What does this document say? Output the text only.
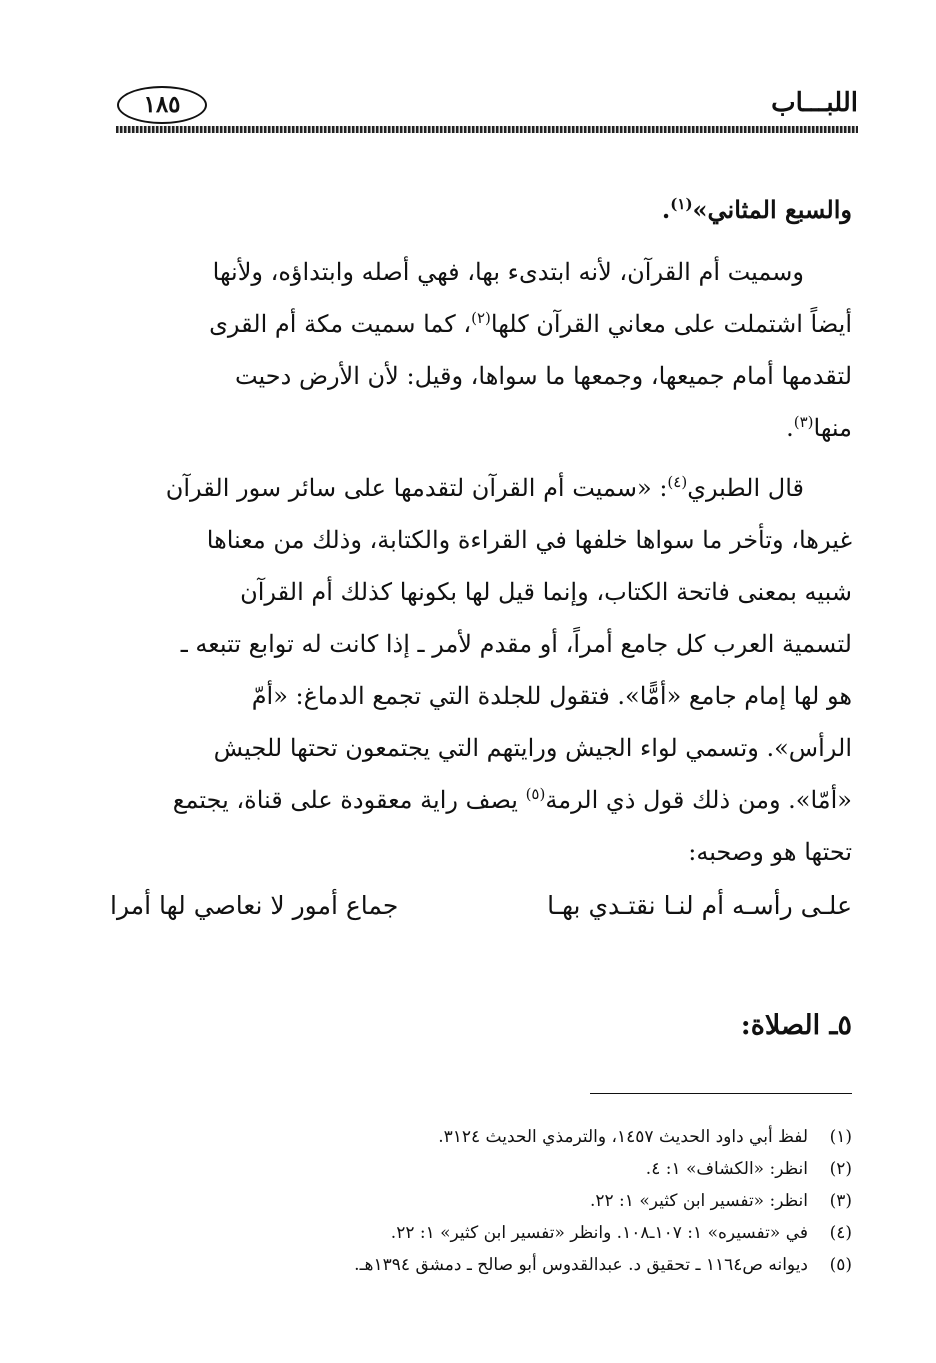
١٨٥	اللبـــاب
والسبع المثاني»$^{(١)}$.
وسميت أم القرآن، لأنه ابتدىء بها، فهي أصله وابتداؤه، ولأنها
أيضاً اشتملت على معاني القرآن كلها$^{(٢)}$، كما سميت مكة أم القرى
لتقدمها أمام جميعها، وجمعها ما سواها، وقيل: لأن الأرض دحيت
منها$^{(٣)}$.
قال الطبري$^{(٤)}$: «سميت أم القرآن لتقدمها على سائر سور القرآن
غيرها، وتأخر ما سواها خلفها في القراءة والكتابة، وذلك من معناها
شبيه بمعنى فاتحة الكتاب، وإنما قيل لها بكونها كذلك أم القرآن
لتسمية العرب كل جامع أمراً، أو مقدم لأمر ـ إذا كانت له توابع تتبعه ـ
هو لها إمام جامع «أمًّا». فتقول للجلدة التي تجمع الدماغ: «أمّ
الرأس». وتسمي لواء الجيش ورايتهم التي يجتمعون تحتها للجيش
«أمّا». ومن ذلك قول ذي الرمة$^{(٥)}$ يصف راية معقودة على قناة، يجتمع
تحتها هو وصحبه:
علـى رأسـه أم لنـا نقتـدي بهـا
جماع أمور لا نعاصي لها أمرا
٥ـ الصلاة:
(١)لفظ أبي داود الحديث ١٤٥٧، والترمذي الحديث ٣١٢٤.
(٢)انظر: «الكشاف» ١: ٤.
(٣)انظر: «تفسير ابن كثير» ١: ٢٢.
(٤)في «تفسيره» ١: ١٠٧ـ١٠٨. وانظر «تفسير ابن كثير» ١: ٢٢.
(٥)ديوانه ص١١٦٤ ـ تحقيق د. عبدالقدوس أبو صالح ـ دمشق ١٣٩٤هـ.
